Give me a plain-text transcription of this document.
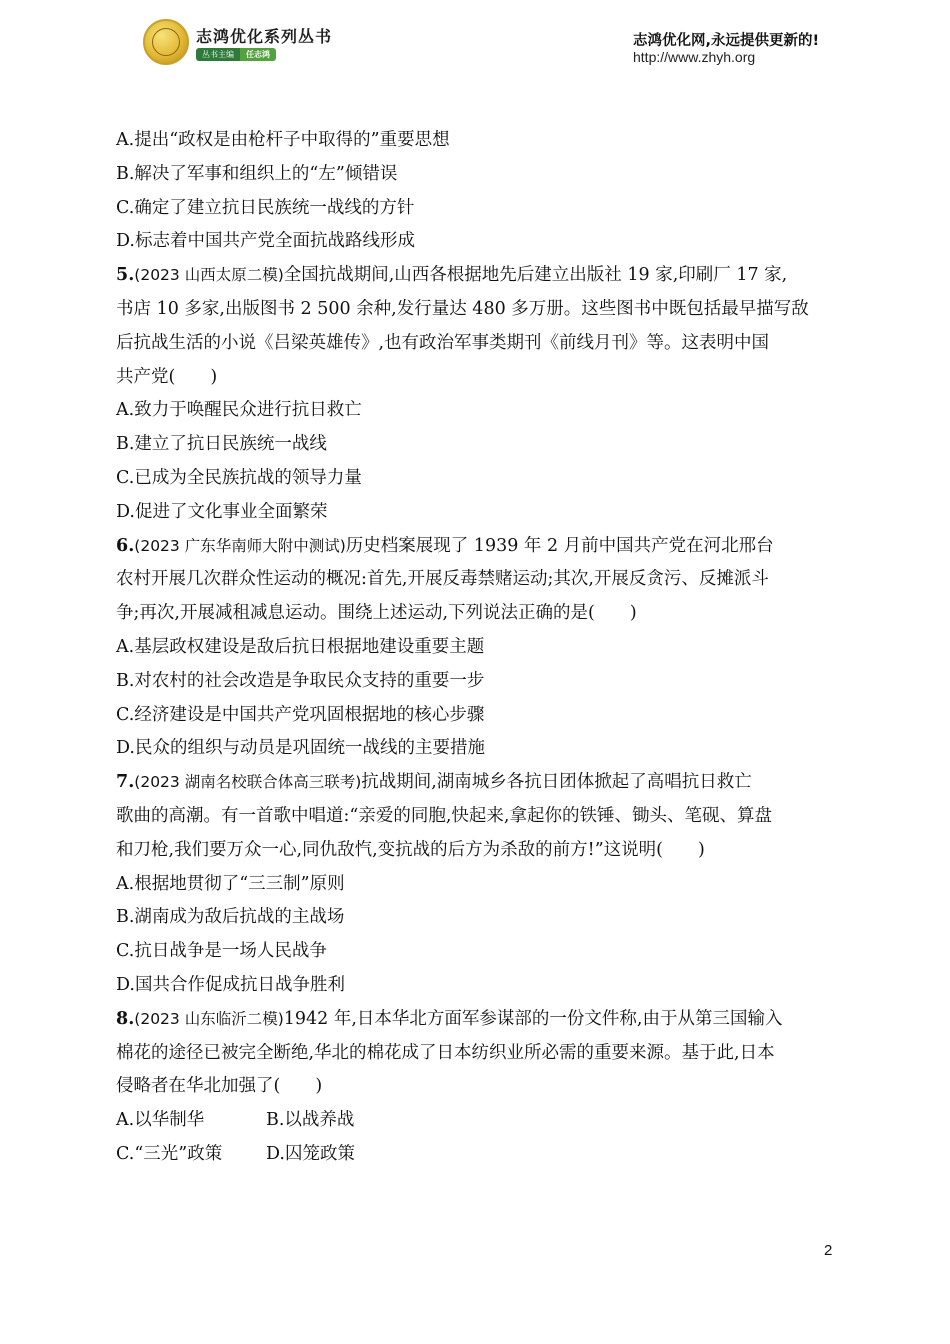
志鸿优化系列丛书
丛书主编	任志鸿
志鸿优化网,永远提供更新的!
http://www.zhyh.org
A.提出“政权是由枪杆子中取得的”重要思想
B.解决了军事和组织上的“左”倾错误
C.确定了建立抗日民族统一战线的方针
D.标志着中国共产党全面抗战路线形成
5.(2023 山西太原二模)全国抗战期间,山西各根据地先后建立出版社 19 家,印刷厂 17 家,
书店 10 多家,出版图书 2 500 余种,发行量达 480 多万册。这些图书中既包括最早描写敌
后抗战生活的小说《吕梁英雄传》,也有政治军事类期刊《前线月刊》等。这表明中国
共产党(　　)
A.致力于唤醒民众进行抗日救亡
B.建立了抗日民族统一战线
C.已成为全民族抗战的领导力量
D.促进了文化事业全面繁荣
6.(2023 广东华南师大附中测试)历史档案展现了 1939 年 2 月前中国共产党在河北邢台
农村开展几次群众性运动的概况:首先,开展反毒禁赌运动;其次,开展反贪污、反摊派斗
争;再次,开展减租减息运动。围绕上述运动,下列说法正确的是(　　)
A.基层政权建设是敌后抗日根据地建设重要主题
B.对农村的社会改造是争取民众支持的重要一步
C.经济建设是中国共产党巩固根据地的核心步骤
D.民众的组织与动员是巩固统一战线的主要措施
7.(2023 湖南名校联合体高三联考)抗战期间,湖南城乡各抗日团体掀起了高唱抗日救亡
歌曲的高潮。有一首歌中唱道:“亲爱的同胞,快起来,拿起你的铁锤、锄头、笔砚、算盘
和刀枪,我们要万众一心,同仇敌忾,变抗战的后方为杀敌的前方!”这说明(　　)
A.根据地贯彻了“三三制”原则
B.湖南成为敌后抗战的主战场
C.抗日战争是一场人民战争
D.国共合作促成抗日战争胜利
8.(2023 山东临沂二模)1942 年,日本华北方面军参谋部的一份文件称,由于从第三国输入
棉花的途径已被完全断绝,华北的棉花成了日本纺织业所必需的重要来源。基于此,日本
侵略者在华北加强了(　　)
A.以华制华	B.以战养战
C.“三光”政策	D.囚笼政策
2
